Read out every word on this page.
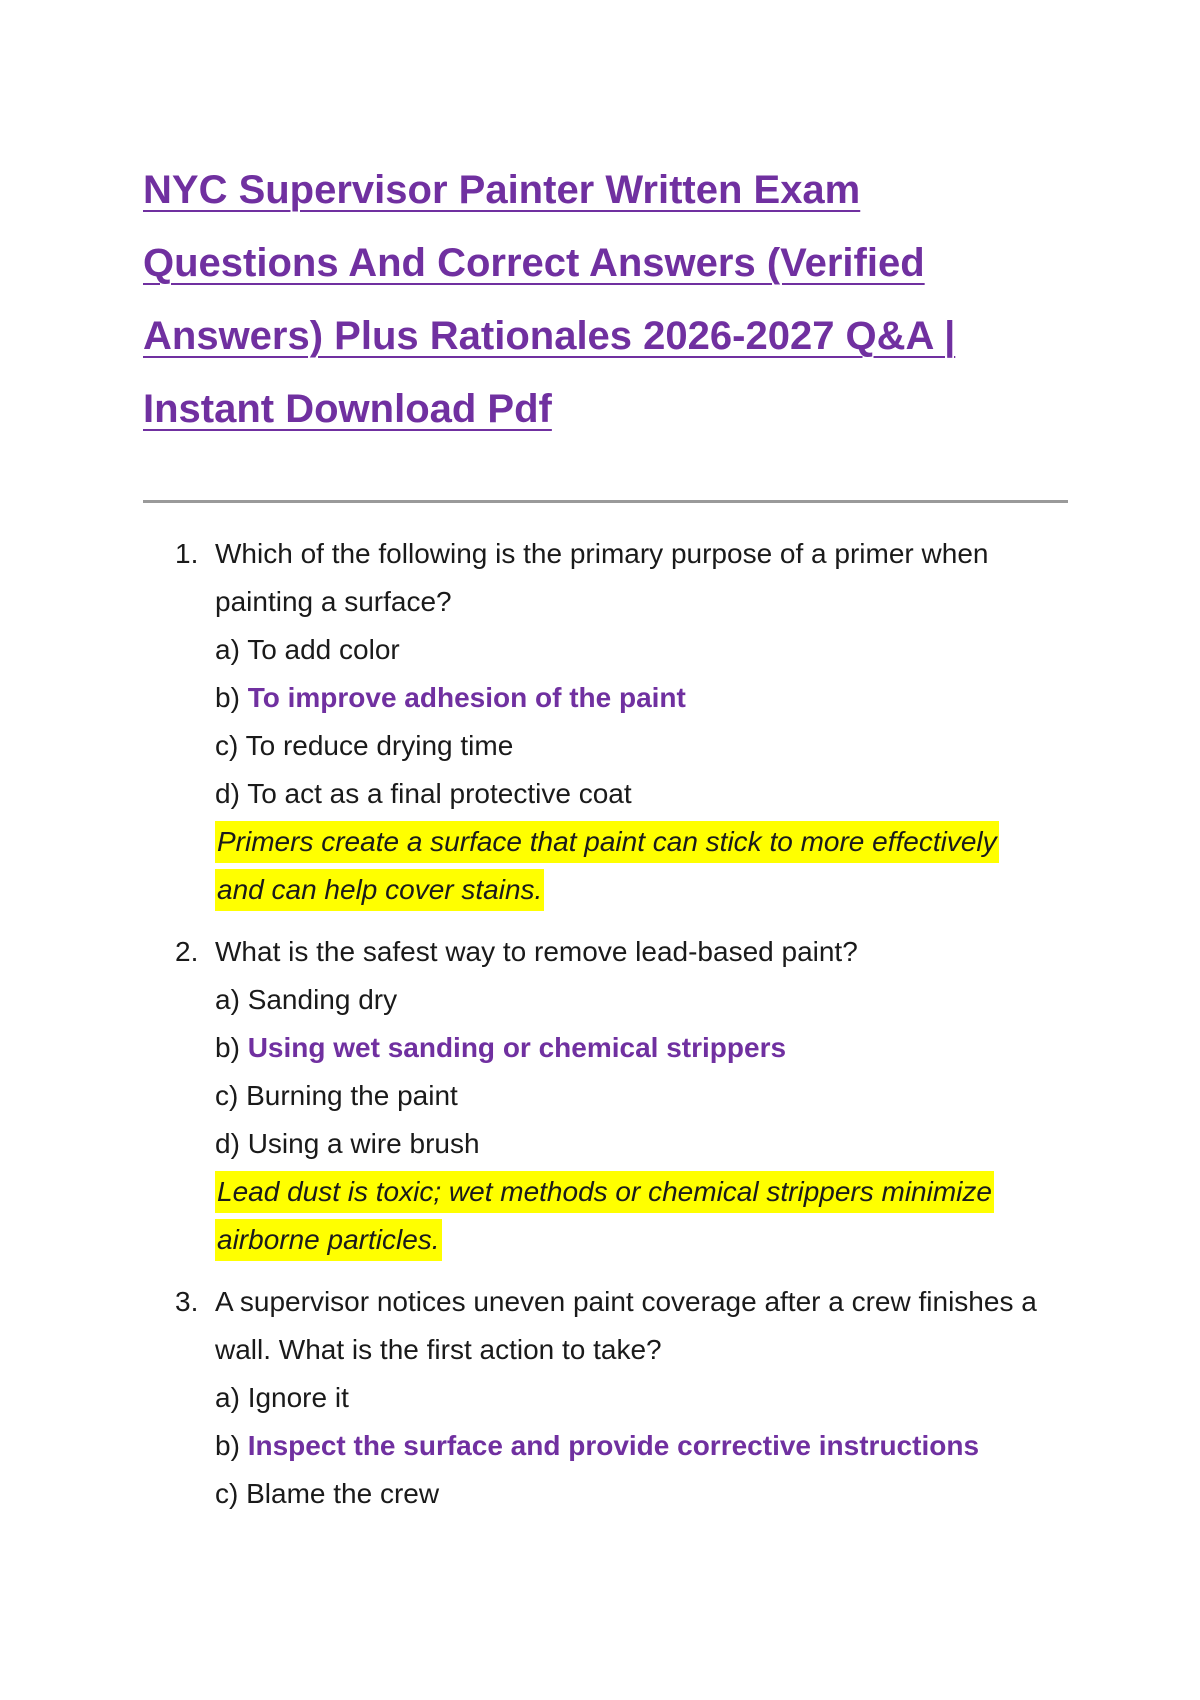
NYC Supervisor Painter Written Exam
Questions And Correct Answers (Verified
Answers) Plus Rationales 2026-2027 Q&A |
Instant Download Pdf
1. Which of the following is the primary purpose of a primer when
painting a surface?
a) To add color
b) To improve adhesion of the paint
c) To reduce drying time
d) To act as a final protective coat
Primers create a surface that paint can stick to more effectively
and can help cover stains.
2. What is the safest way to remove lead-based paint?
a) Sanding dry
b) Using wet sanding or chemical strippers
c) Burning the paint
d) Using a wire brush
Lead dust is toxic; wet methods or chemical strippers minimize
airborne particles.
3. A supervisor notices uneven paint coverage after a crew finishes a
wall. What is the first action to take?
a) Ignore it
b) Inspect the surface and provide corrective instructions
c) Blame the crew
